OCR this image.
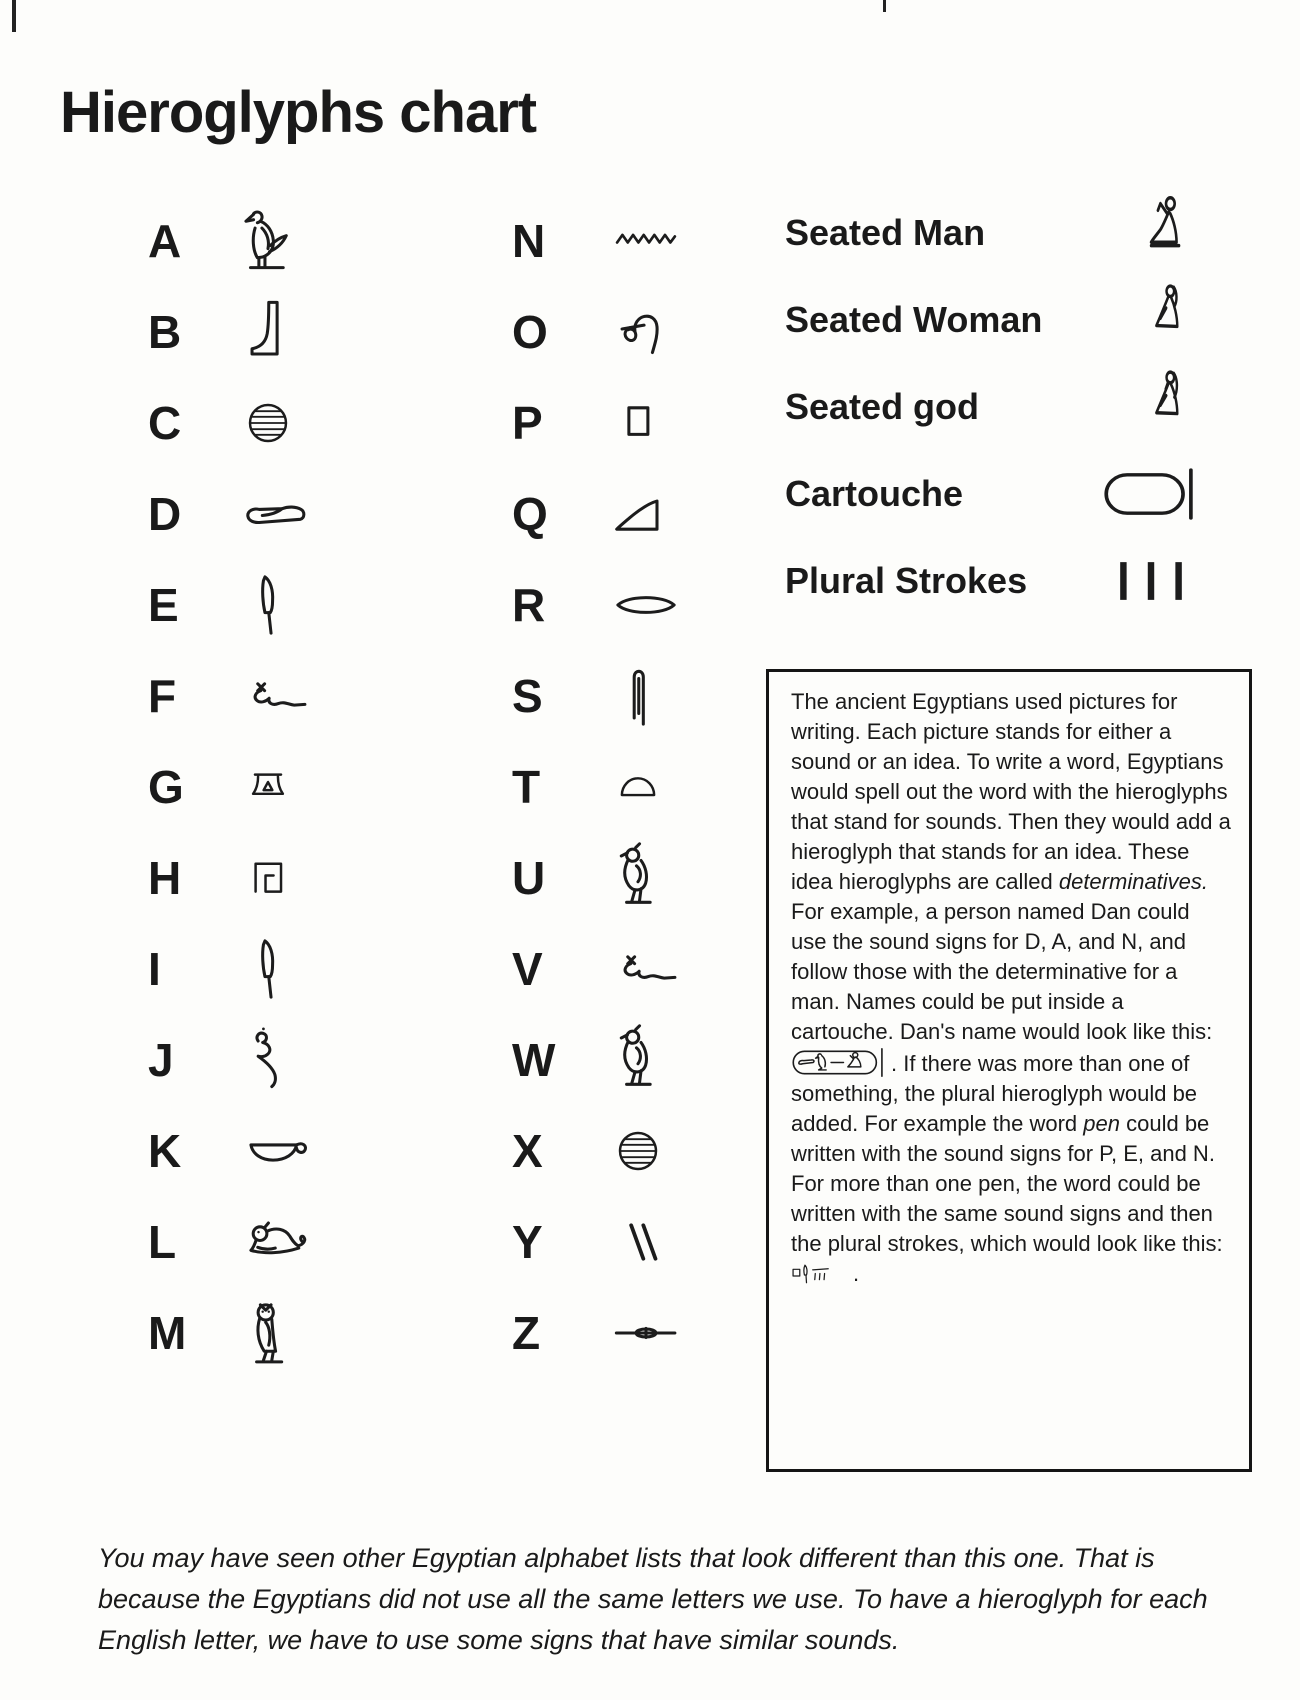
Hieroglyphs chart
A
B
C
D
E
F
G
H
I
J
K
L
M
N
O
P
Q
R
S
T
U
V
W
X
Y
Z
Seated Man
Seated Woman
Seated god
Cartouche
Plural Strokes

The ancient Egyptians used pictures for writing. Each picture stands for either a sound or an idea. To write a word, Egyptians would spell out the word with the hieroglyphs that stand for sounds. Then they would add a hieroglyph that stands for an idea. These idea hieroglyphs are called determinatives. For example, a person named Dan could use the sound signs for D, A, and N, and follow those with the determinative for a man. Names could be put inside a cartouche. Dan's name would look like this: . If there was more than one of something, the plural hieroglyph would be added. For example the word pen could be written with the sound signs for P, E, and N. For more than one pen, the word could be written with the same sound signs and then the plural strokes, which would look like this: .

You may have seen other Egyptian alphabet lists that look different than this one. That is because the Egyptians did not use all the same letters we use. To have a hieroglyph for each English letter, we have to use some signs that have similar sounds.
